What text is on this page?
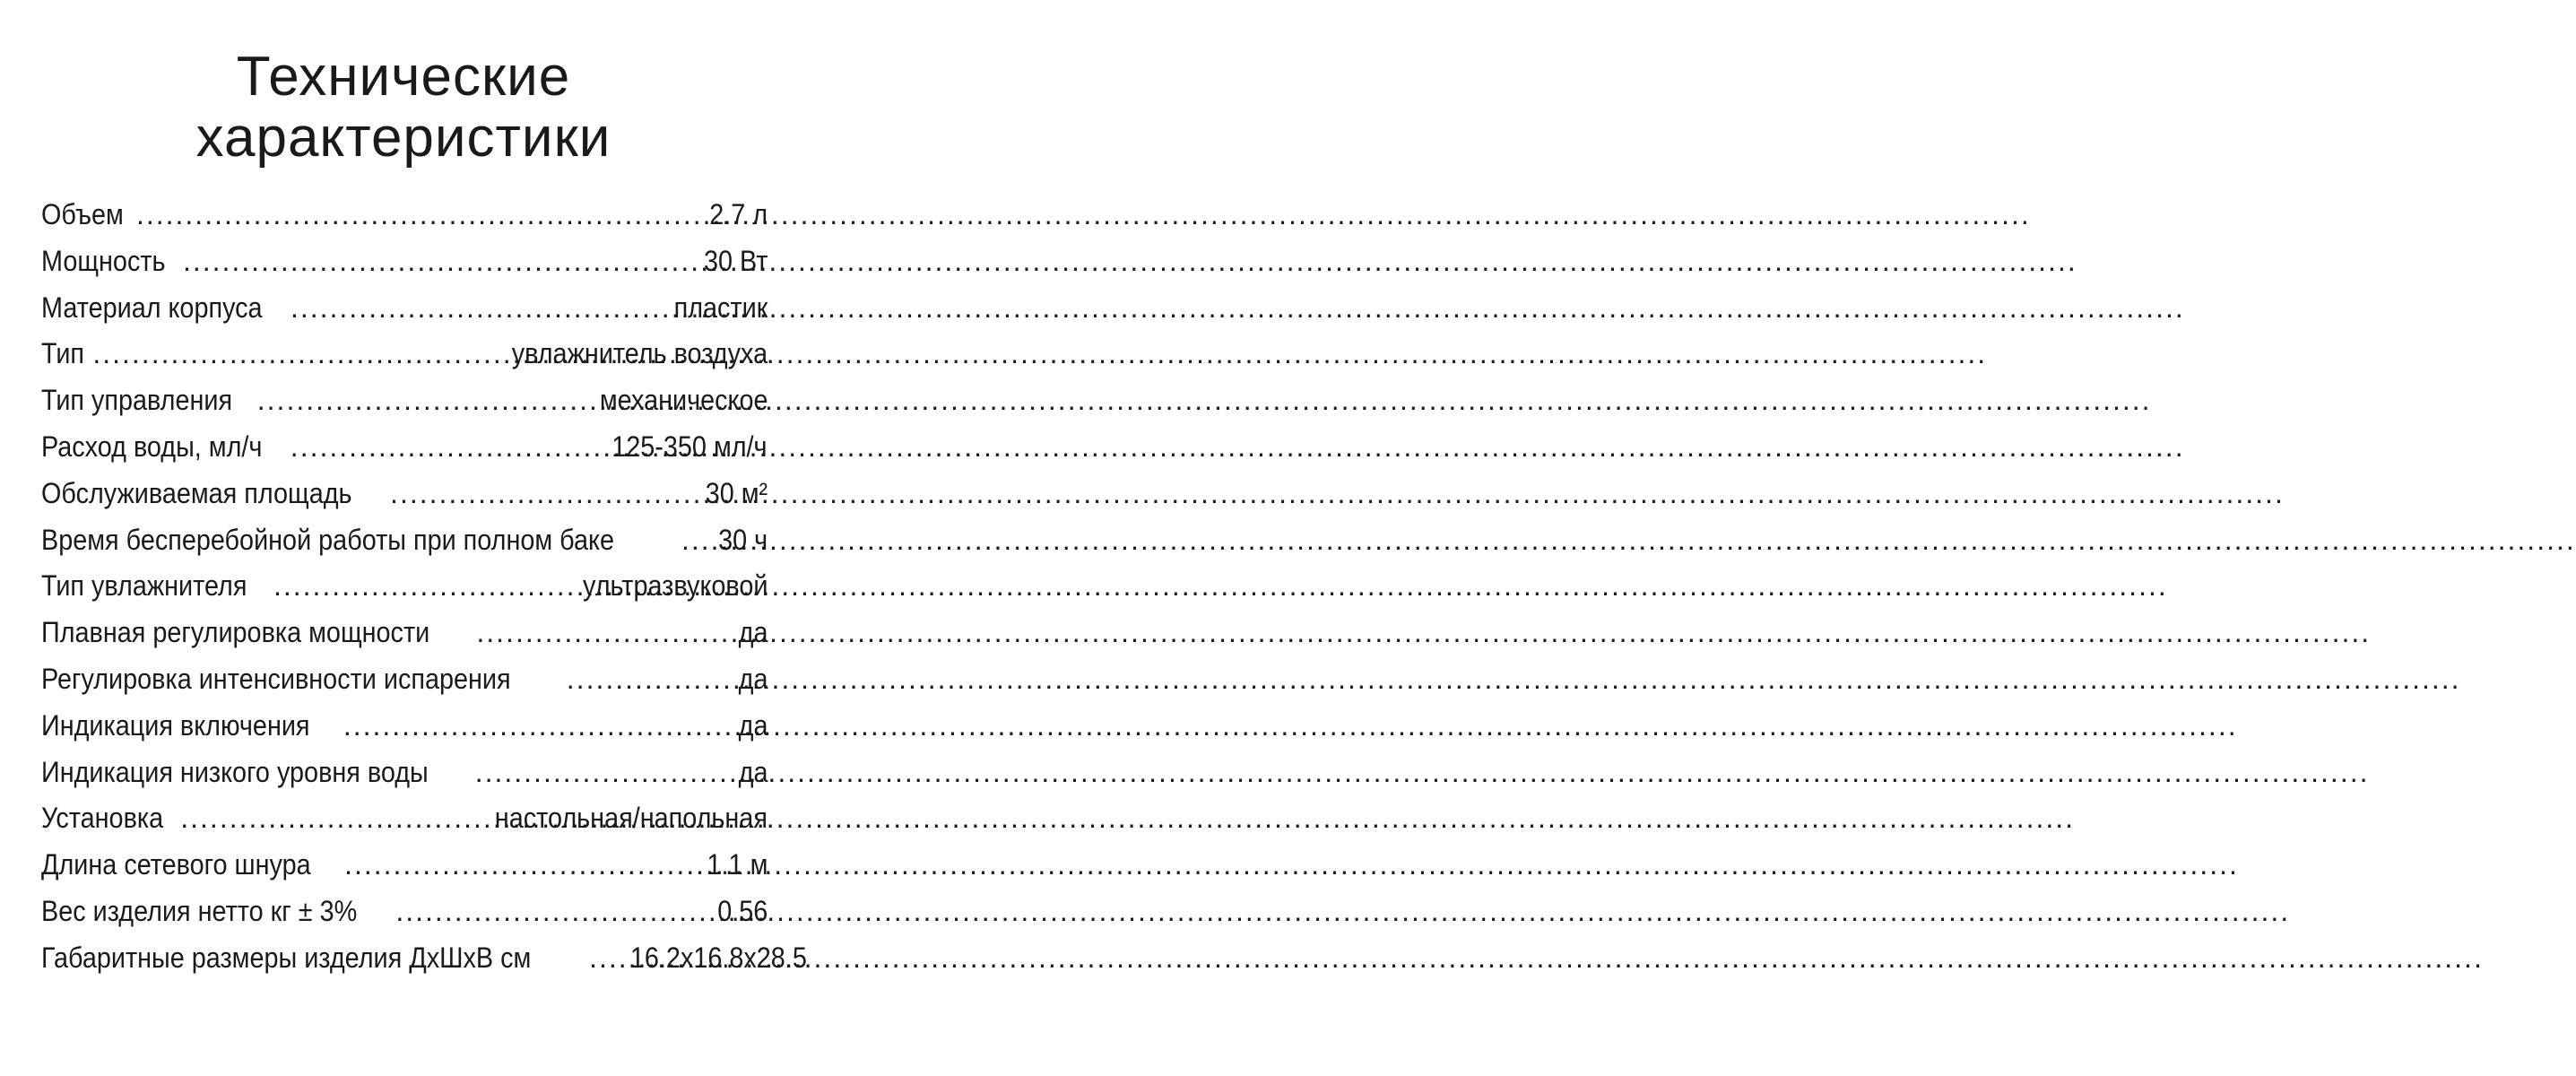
Технические
характеристики
Объем .....	2.7 л
Мощность .....	30 Вт
Материал корпуса .....	пластик
Тип .....	увлажнитель воздуха
Тип управления .....	механическое
Расход воды, мл/ч .....	125-350 мл/ч
Обслуживаемая площадь .....	30 м²
Время бесперебойной работы при полном баке .....	30 ч
Тип увлажнителя .....	ультразвуковой
Плавная регулировка мощности .....	да
Регулировка интенсивности испарения .....	да
Индикация включения .....	да
Индикация низкого уровня воды .....	да
Установка .....	настольная/напольная
Длина сетевого шнура .....	1.1 м
Вес изделия нетто кг ± 3% .....	0.56
Габаритные размеры изделия ДхШхВ см .....	16.2x16.8x28.5
